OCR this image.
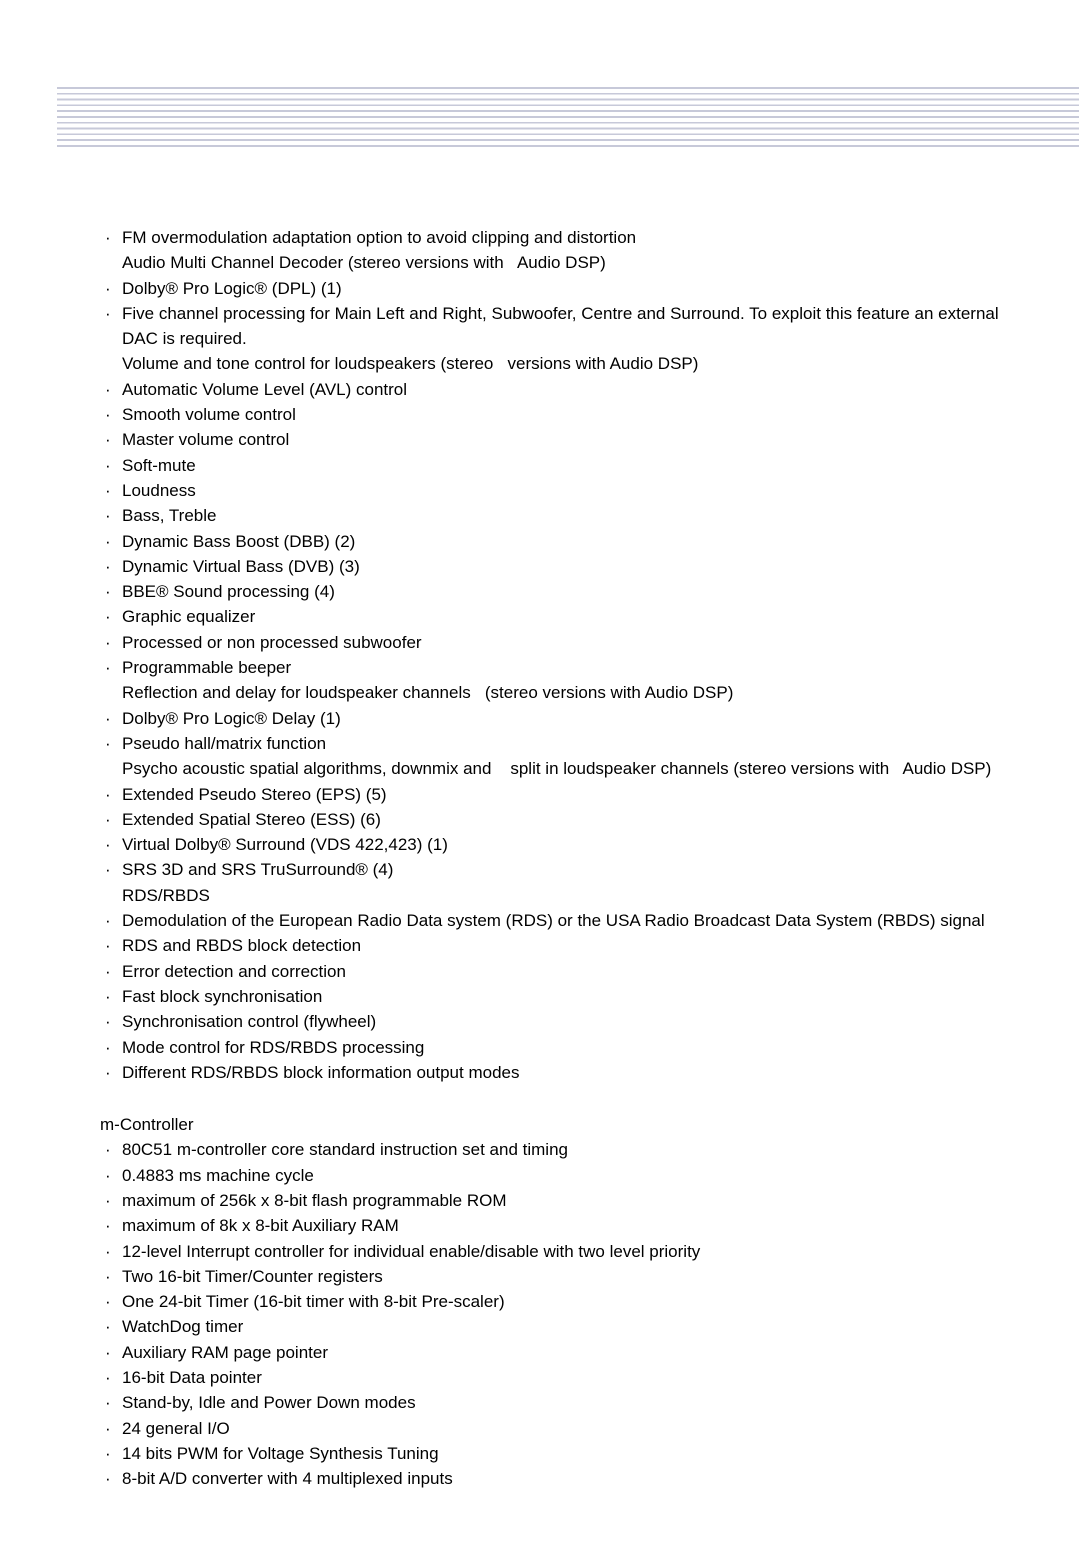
· FM overmodulation adaptation option to avoid clipping and distortion
Audio Multi Channel Decoder (stereo versions with   Audio DSP)
· Dolby® Pro Logic® (DPL) (1)
· Five channel processing for Main Left and Right, Subwoofer, Centre and Surround. To exploit this feature an external DAC is required.
Volume and tone control for loudspeakers (stereo   versions with Audio DSP)
· Automatic Volume Level (AVL) control
· Smooth volume control
· Master volume control
· Soft-mute
· Loudness
· Bass, Treble
· Dynamic Bass Boost (DBB) (2)
· Dynamic Virtual Bass (DVB) (3)
· BBE® Sound processing (4)
· Graphic equalizer
· Processed or non processed subwoofer
· Programmable beeper
Reflection and delay for loudspeaker channels   (stereo versions with Audio DSP)
· Dolby® Pro Logic® Delay (1)
· Pseudo hall/matrix function
Psycho acoustic spatial algorithms, downmix and    split in loudspeaker channels (stereo versions with   Audio DSP)
· Extended Pseudo Stereo (EPS) (5)
· Extended Spatial Stereo (ESS) (6)
· Virtual Dolby® Surround (VDS 422,423) (1)
· SRS 3D and SRS TruSurround® (4)
RDS/RBDS
· Demodulation of the European Radio Data system (RDS) or the USA Radio Broadcast Data System (RBDS) signal
· RDS and RBDS block detection
· Error detection and correction
· Fast block synchronisation
· Synchronisation control (flywheel)
· Mode control for RDS/RBDS processing
· Different RDS/RBDS block information output modes
m-Controller
· 80C51 m-controller core standard instruction set and timing
· 0.4883 ms machine cycle
· maximum of 256k x 8-bit flash programmable ROM
· maximum of 8k x 8-bit Auxiliary RAM
· 12-level Interrupt controller for individual enable/disable with two level priority
· Two 16-bit Timer/Counter registers
· One 24-bit Timer (16-bit timer with 8-bit Pre-scaler)
· WatchDog timer
· Auxiliary RAM page pointer
· 16-bit Data pointer
· Stand-by, Idle and Power Down modes
· 24 general I/O
· 14 bits PWM for Voltage Synthesis Tuning
· 8-bit A/D converter with 4 multiplexed inputs
